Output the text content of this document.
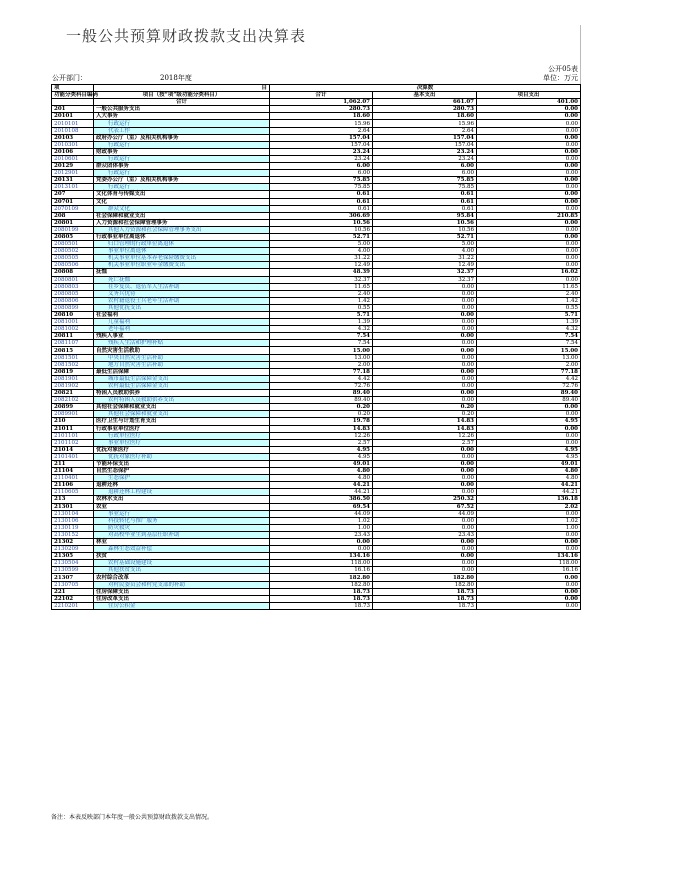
一般公共预算财政拨款支出决算表
公开05表
公开部门：	2018年度	单位：万元
项	目	决算数		
功能分类科目编码	项目（按“项”级功能分类科目）	合计	基本支出	项目支出
	合计	1,062.07	661.07	401.00
201	一般公共服务支出	280.73	280.73	0.00
20101	人大事务	18.60	18.60	0.00
2010101	行政运行	15.96	15.96	0.00
2010108	代表工作	2.64	2.64	0.00
20103	政府办公厅（室）及相关机构事务	157.04	157.04	0.00
2010301	行政运行	157.04	157.04	0.00
20106	财政事务	23.24	23.24	0.00
2010601	行政运行	23.24	23.24	0.00
20129	群众团体事务	6.00	6.00	0.00
2012901	行政运行	6.00	6.00	0.00
20131	党委办公厅（室）及相关机构事务	75.85	75.85	0.00
2013101	行政运行	75.85	75.85	0.00
207	文化体育与传媒支出	0.61	0.61	0.00
20701	文化	0.61	0.61	0.00
2070109	群众文化	0.61	0.61	0.00
208	社会保障和就业支出	306.69	95.84	210.85
20801	人力资源和社会保障管理事务	10.56	10.56	0.00
2080199	其他人力资源和社会保障管理事务支出	10.56	10.56	0.00
20805	行政事业单位离退休	52.71	52.71	0.00
2080501	归口管理的行政单位离退休	5.00	5.00	0.00
2080502	事业单位离退休	4.00	4.00	0.00
2080505	机关事业单位基本养老保险缴费支出	31.22	31.22	0.00
2080506	机关事业单位职业年金缴费支出	12.49	12.49	0.00
20808	抚恤	48.39	32.37	16.02
2080801	死亡抚恤	32.37	32.37	0.00
2080803	在乡复员、退伍军人生活补助	11.65	0.00	11.65
2080805	义务兵优待	2.40	0.00	2.40
2080806	农村籍退役士兵老年生活补助	1.42	0.00	1.42
2080899	其他优抚支出	0.55	0.00	0.55
20810	社会福利	5.71	0.00	5.71
2081001	儿童福利	1.39	0.00	1.39
2081002	老年福利	4.32	0.00	4.32
20811	残疾人事业	7.54	0.00	7.54
2081107	残疾人生活和护理补贴	7.54	0.00	7.54
20815	自然灾害生活救助	15.00	0.00	15.00
2081501	中央自然灾害生活补助	13.00	0.00	13.00
2081502	地方自然灾害生活补助	2.00	0.00	2.00
20819	最低生活保障	77.18	0.00	77.18
2081901	城市最低生活保障金支出	4.42	0.00	4.42
2081902	农村最低生活保障金支出	72.76	0.00	72.76
20821	特困人员救助供养	89.40	0.00	89.40
2082102	农村特困人员救助供养支出	89.40	0.00	89.40
20899	其他社会保障和就业支出	0.20	0.20	0.00
2089901	其他社会保障和就业支出	0.20	0.20	0.00
210	医疗卫生与计划生育支出	19.78	14.83	4.95
21011	行政事业单位医疗	14.83	14.83	0.00
2101101	行政单位医疗	12.26	12.26	0.00
2101102	事业单位医疗	2.57	2.57	0.00
21014	优抚对象医疗	4.95	0.00	4.95
2101401	优抚对象医疗补助	4.95	0.00	4.95
211	节能环保支出	49.01	0.00	49.01
21104	自然生态保护	4.80	0.00	4.80
2110401	生态保护	4.80	0.00	4.80
21106	退耕还林	44.21	0.00	44.21
2110605	退耕还林工程建设	44.21	0.00	44.21
213	农林水支出	386.50	250.32	136.18
21301	农业	69.54	67.52	2.02
2130104	事业运行	44.09	44.09	0.00
2130106	科技转化与推广服务	1.02	0.00	1.02
2130119	防灾救灾	1.00	0.00	1.00
2130152	对高校毕业生到基层任职补助	23.43	23.43	0.00
21302	林业	0.00	0.00	0.00
2130209	森林生态效益补偿	0.00	0.00	0.00
21305	扶贫	134.16	0.00	134.16
2130504	农村基础设施建设	118.00	0.00	118.00
2130599	其他扶贫支出	16.16	0.00	16.16
21307	农村综合改革	182.80	182.80	0.00
2130705	对村民委员会和村党支部的补助	182.80	182.80	0.00
221	住房保障支出	18.73	18.73	0.00
22102	住房改革支出	18.73	18.73	0.00
2210201	住房公积金	18.73	18.73	0.00
备注：本表反映部门本年度一般公共预算财政拨款支出情况。
